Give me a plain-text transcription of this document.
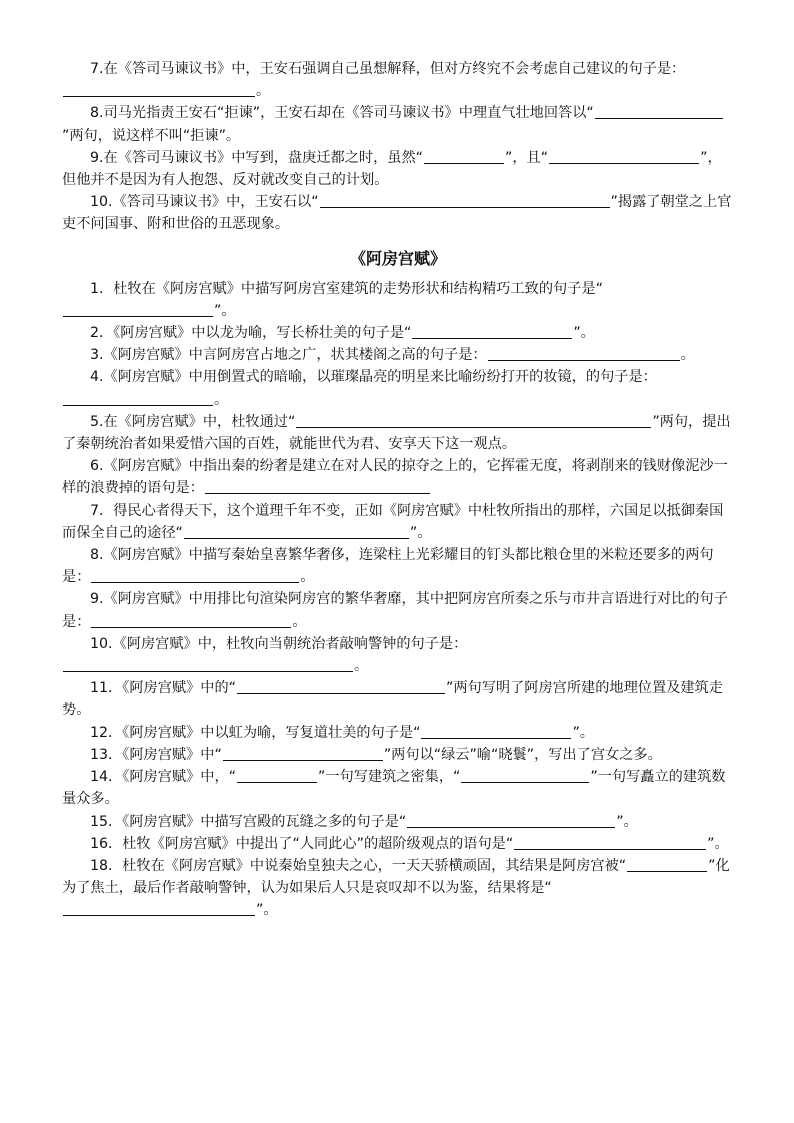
7.在《答司马谏议书》中，王安石强调自己虽想解释，但对方终究不会考虑自己建议的句子是：。

8.司马光指责王安石“拒谏”，王安石却在《答司马谏议书》中理直气壮地回答以“”两句，说这样不叫“拒谏”。

9.在《答司马谏议书》中写到，盘庚迁都之时，虽然“	”，且“	”，但他并不是因为有人抱怨、反对就改变自己的计划。

10.《答司马谏议书》中，王安石以“	”揭露了朝堂之上官吏不问国事、附和世俗的丑恶现象。

《阿房宫赋》

1．杜牧在《阿房宫赋》中描写阿房宫室建筑的走势形状和结构精巧工致的句子是“”。

2．《阿房宫赋》中以龙为喻，写长桥壮美的句子是“	”。

3.《阿房宫赋》中言阿房宫占地之广，状其楼阁之高的句子是：	。

4.《阿房宫赋》中用倒置式的暗喻，以璀璨晶亮的明星来比喻纷纷打开的妆镜，的句子是：。

5.在《阿房宫赋》中，杜牧通过“	”两句，提出了秦朝统治者如果爱惜六国的百姓，就能世代为君、安享天下这一观点。

6.《阿房宫赋》中指出秦的纷奢是建立在对人民的掠夺之上的，它挥霍无度，将剥削来的钱财像泥沙一样的浪费掉的语句是：

7．得民心者得天下，这个道理千年不变，正如《阿房宫赋》中杜牧所指出的那样，六国足以抵御秦国而保全自己的途径“	”。

8.《阿房宫赋》中描写秦始皇喜繁华奢侈，连梁柱上光彩耀目的钉头都比粮仓里的米粒还要多的两句是：	。

9.《阿房宫赋》中用排比句渲染阿房宫的繁华奢靡，其中把阿房宫所奏之乐与市井言语进行对比的句子是：	。

10.《阿房宫赋》中，杜牧向当朝统治者敲响警钟的句子是：。

11．《阿房宫赋》中的“	”两句写明了阿房宫所建的地理位置及建筑走势。

12．《阿房宫赋》中以虹为喻，写复道壮美的句子是“	”。

13．《阿房宫赋》中“	”两句以“绿云”喻“晓鬟”，写出了宫女之多。

14．《阿房宫赋》中，“	”一句写建筑之密集，“	”一句写矗立的建筑数量众多。

15．《阿房宫赋》中描写宫殿的瓦缝之多的句子是“	”。

16．杜牧《阿房宫赋》中提出了“人同此心”的超阶级观点的语句是“	”。

18．杜牧在《阿房宫赋》中说秦始皇独夫之心，一天天骄横顽固，其结果是阿房宫被“	”化为了焦土，最后作者敲响警钟，认为如果后人只是哀叹却不以为鉴，结果将是“”。
